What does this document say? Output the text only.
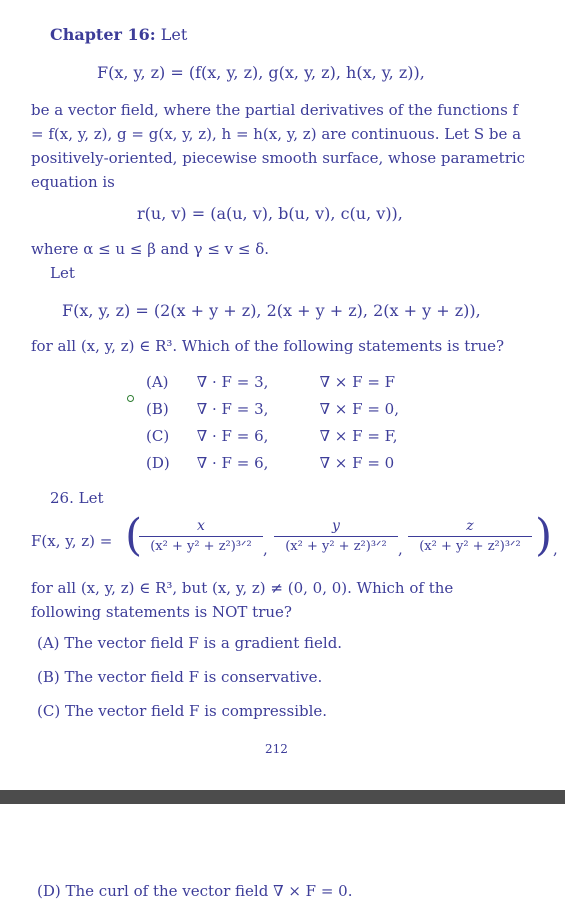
Chapter 16: Let
F(x, y, z) = (f(x, y, z), g(x, y, z), h(x, y, z)),
be a vector field, where the partial derivatives of the functions f = f(x, y, z), g = g(x, y, z), h = h(x, y, z) are continuous. Let S be a positively-oriented, piecewise smooth surface, whose parametric equation is
r(u, v) = (a(u, v), b(u, v), c(u, v)),
where α ≤ u ≤ β and γ ≤ v ≤ δ.
Let
F(x, y, z) = (2(x + y + z), 2(x + y + z), 2(x + y + z)),
for all (x, y, z) ∈ R³. Which of the following statements is true?
(A) ∇ · F = 3,	∇ × F = F
(B) ∇ · F = 3,	∇ × F = 0,
(C) ∇ · F = 6,	∇ × F = F,
(D) ∇ · F = 6,	∇ × F = 0
26. Let
F(x, y, z) = (	x
(x² + y² + z²)³ᐟ² ,
y
(x² + y² + z²)³ᐟ² ,
z
(x² + y² + z²)³ᐟ² ) ,
for all (x, y, z) ∈ R³, but (x, y, z) ≠ (0, 0, 0). Which of the following statements is NOT true?
(A) The vector field F is a gradient field.
(B) The vector field F is conservative.
(C) The vector field F is compressible.
212
(D) The curl of the vector field ∇ × F = 0.
